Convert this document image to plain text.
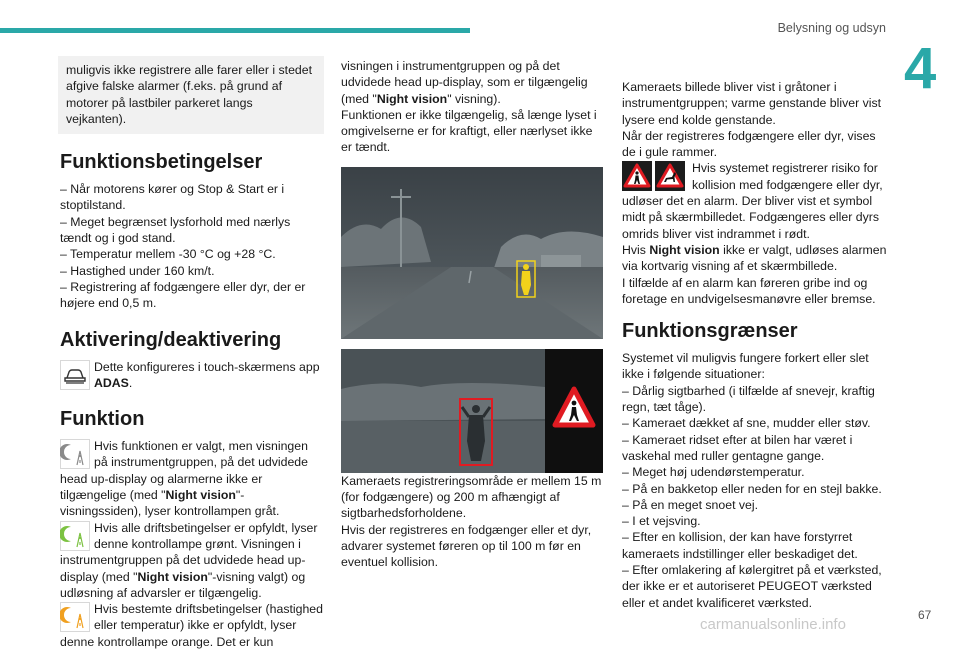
Belysning og udsyn
4

muligvis ikke registrere alle farer eller i stedet afgive falske alarmer (f.eks. på grund af motorer på lastbiler parkeret langs vejkanten).

Funktionsbetingelser

– Når motorens kører og Stop & Start er i stoptilstand.

– Meget begrænset lysforhold med nærlys tændt og i god stand.

– Temperatur mellem -30 °C og +28 °C.

– Hastighed under 160 km/t.

– Registrering af fodgængere eller dyr, der er højere end 0,5 m.

Aktivering/deaktivering

Dette konfigureres i touch-skærmens app ADAS.

Funktion

Hvis funktionen er valgt, men visningen på instrumentgruppen, på det udvidede head up-display og alarmerne ikke er tilgængelige (med "Night vision"-visningssiden), lyser kontrollampen gråt.

Hvis alle driftsbetingelser er opfyldt, lyser denne kontrollampe grønt. Visningen i instrumentgruppen på det udvidede head up-display (med "Night vision"-visning valgt) og udløsning af advarsler er tilgængelig.

Hvis bestemte driftsbetingelser (hastighed eller temperatur) ikke er opfyldt, lyser denne kontrollampe orange. Det er kun

visningen i instrumentgruppen og på det udvidede head up-display, som er tilgængelig (med "Night vision" visning).

Funktionen er ikke tilgængelig, så længe lyset i omgivelserne er for kraftigt, eller nærlyset ikke er tændt.

Kameraets registreringsområde er mellem 15 m (for fodgængere) og 200 m afhængigt af sigtbarhedsforholdene.

Hvis der registreres en fodgænger eller et dyr, advarer systemet føreren op til 100 m før en eventuel kollision.

Kameraets billede bliver vist i gråtoner i instrumentgruppen; varme genstande bliver vist lysere end kolde genstande.

Når der registreres fodgængere eller dyr, vises de i gule rammer.

Hvis systemet registrerer risiko for kollision med fodgængere eller dyr, udløser det en alarm. Der bliver vist et symbol midt på skærmbilledet. Fodgængeres eller dyrs omrids bliver vist indrammet i rødt.

Hvis Night vision ikke er valgt, udløses alarmen via kortvarig visning af et skærmbillede.

I tilfælde af en alarm kan føreren gribe ind og foretage en undvigelsesmanøvre eller bremse.

Funktionsgrænser

Systemet vil muligvis fungere forkert eller slet ikke i følgende situationer:

– Dårlig sigtbarhed (i tilfælde af snevejr, kraftig regn, tæt tåge).

– Kameraet dækket af sne, mudder eller støv.

– Kameraet ridset efter at bilen har været i vaskehal med ruller gentagne gange.

– Meget høj udendørstemperatur.

– På en bakketop eller neden for en stejl bakke.

– På en meget snoet vej.

– I et vejsving.

– Efter en kollision, der kan have forstyrret kameraets indstillinger eller beskadiget det.

– Efter omlakering af kølergitret på et værksted, der ikke er et autoriseret PEUGEOT værksted eller et andet kvalificeret værksted.

67
carmanualsonline.info
